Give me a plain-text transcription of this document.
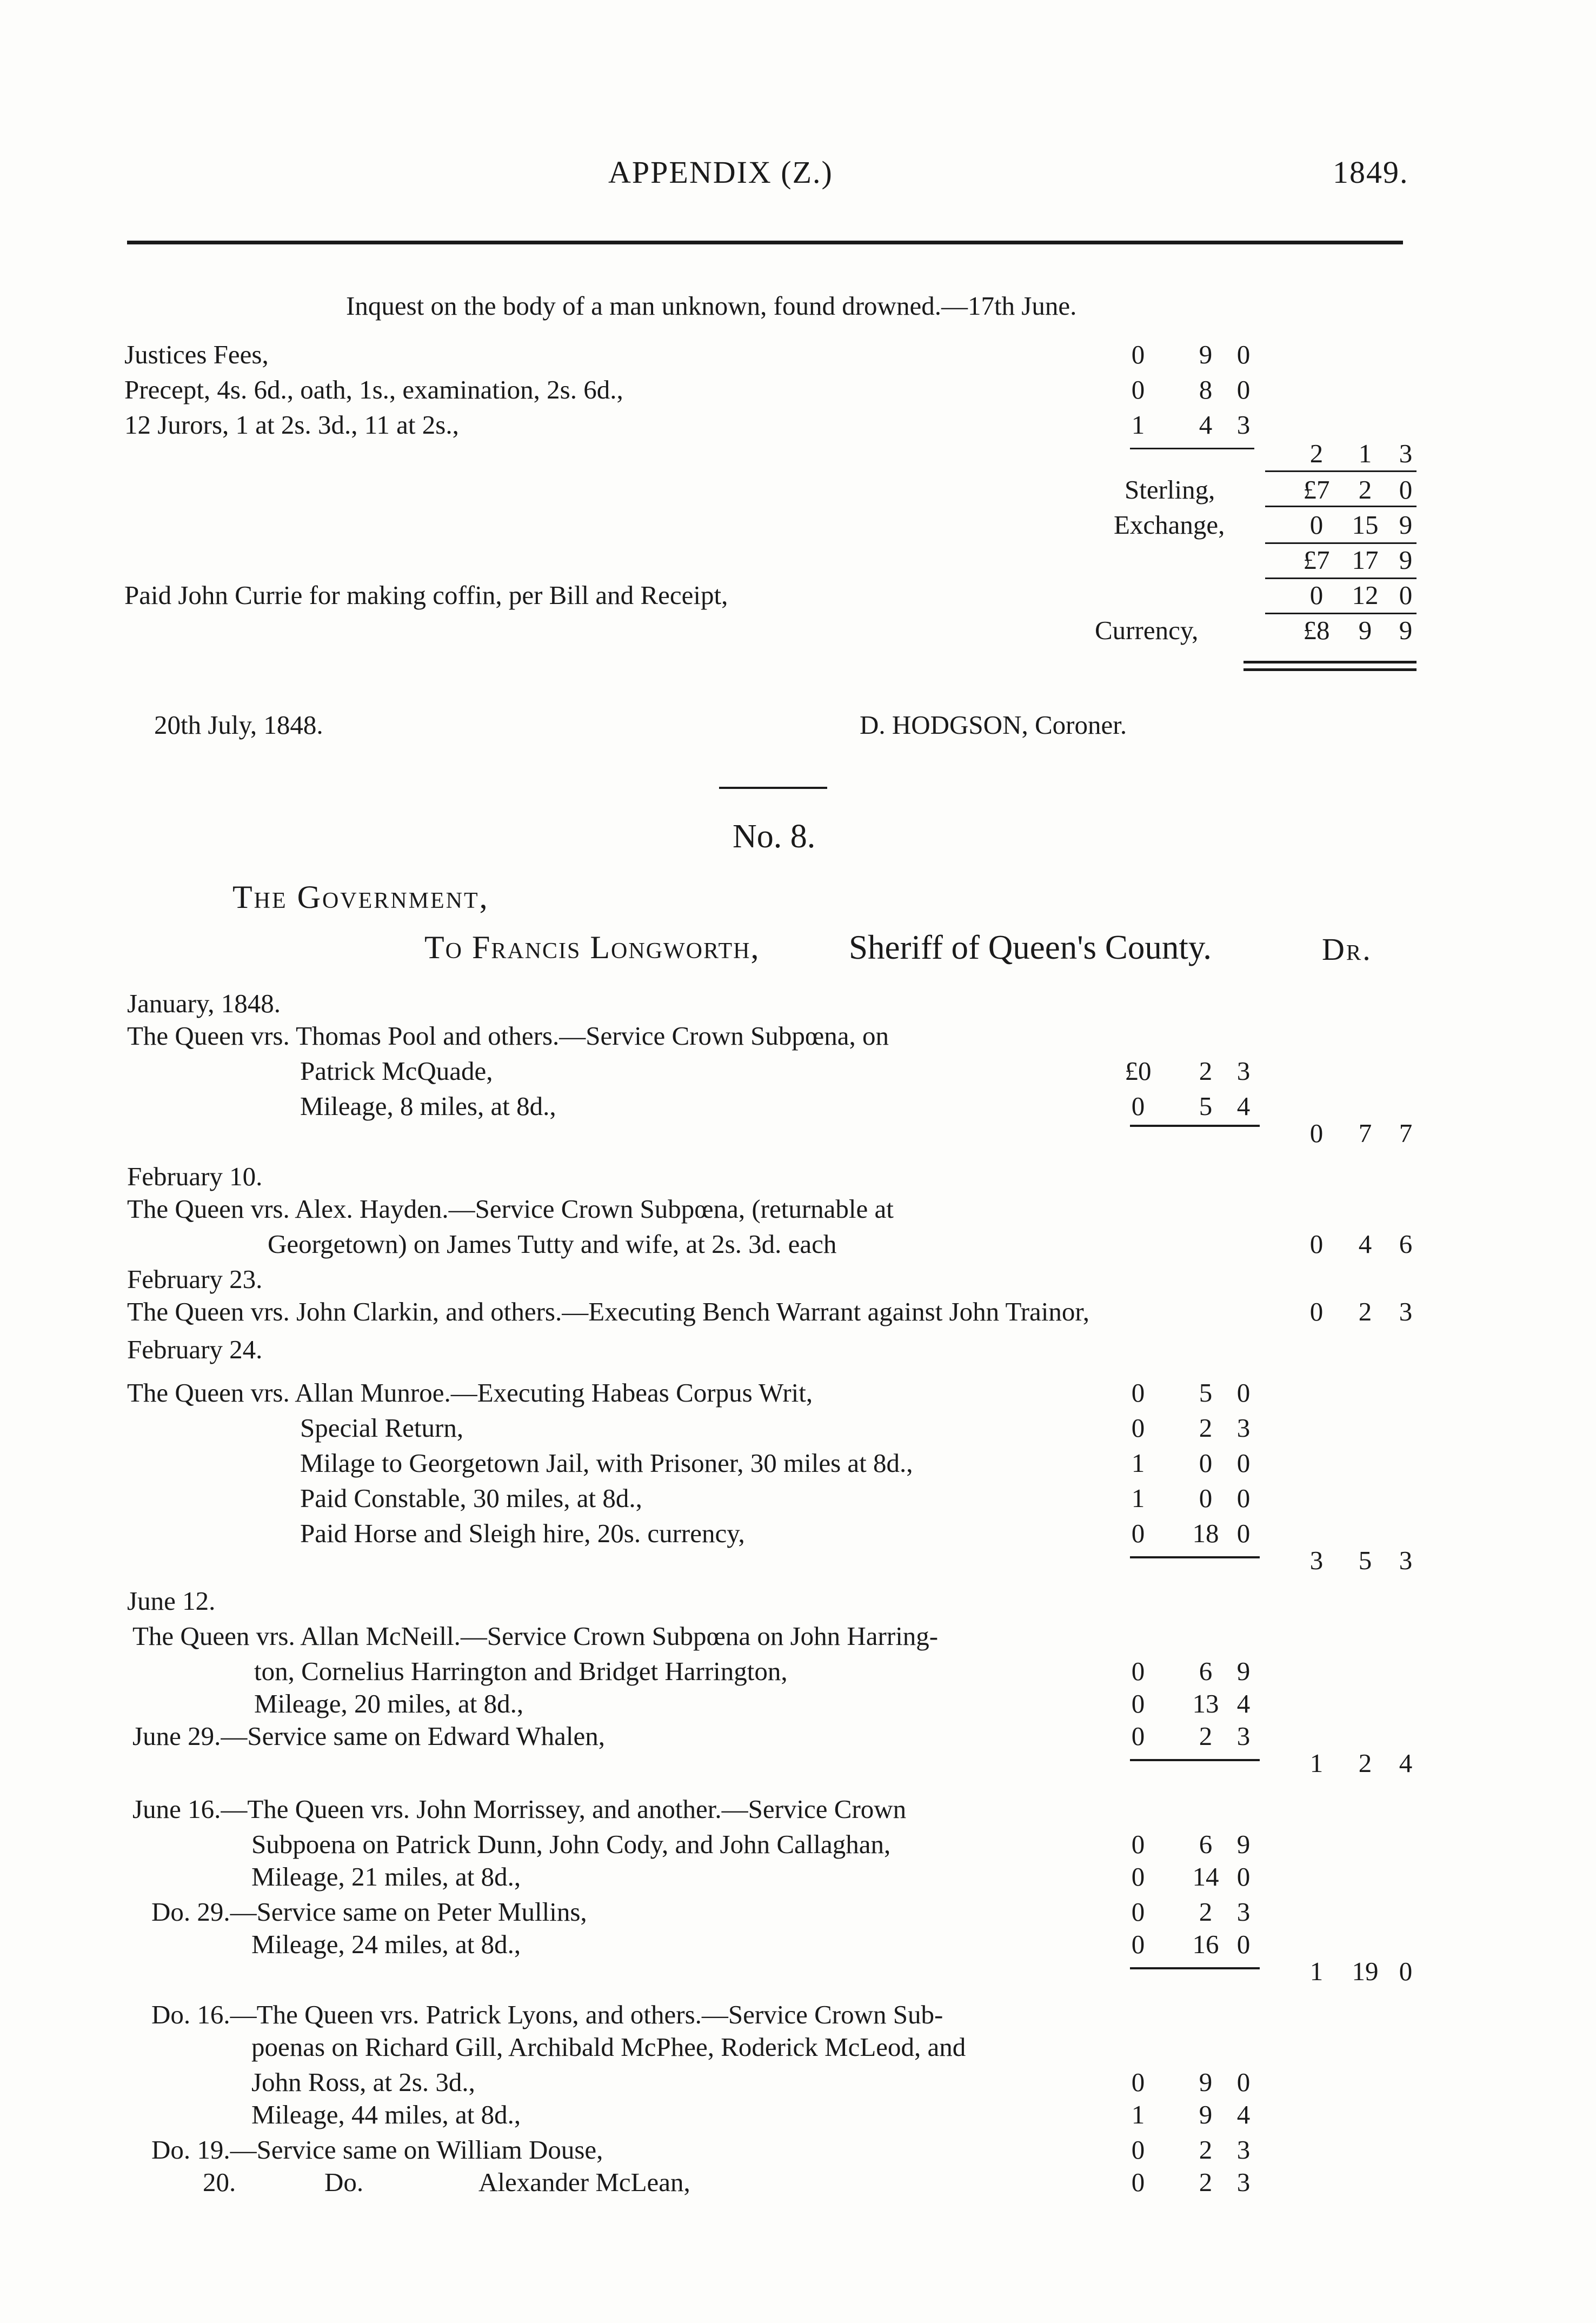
APPENDIX (Z.)	1849.
Inquest on the body of a man unknown, found drowned.—17th June.
Justices Fees,	0	9 0
Precept, 4s. 6d., oath, 1s., examination, 2s. 6d.,	0	8 0
12 Jurors, 1 at 2s. 3d., 11 at 2s.,	1	4 3
2	1	3
Sterling,	£7	2	0
Exchange,	0	15 9
£7 17 9
Paid John Currie for making coffin, per Bill and Receipt,	0	12 0
Currency,	£8	9	9
20th July, 1848.	D. HODGSON, Coroner.
No. 8.
The Government,
To Francis Longworth,	Sheriff of Queen's County.	Dr.
January, 1848.
The Queen vrs. Thomas Pool and others.—Service Crown Subpœna, on
Patrick McQuade,	£0	2 3
Mileage, 8 miles, at 8d.,	0	5 4
0	7	7
February 10.
The Queen vrs. Alex. Hayden.—Service Crown Subpœna, (returnable at
Georgetown) on James Tutty and wife, at 2s. 3d. each	0	4	6
February 23.
The Queen vrs. John Clarkin, and others.—Executing Bench Warrant against John Trainor,	0	2	3
February 24.
The Queen vrs. Allan Munroe.—Executing Habeas Corpus Writ,	0	5 0
Special Return,	0	2 3
Milage to Georgetown Jail, with Prisoner, 30 miles at 8d.,	1	0 0
Paid Constable, 30 miles, at 8d.,	1	0 0
Paid Horse and Sleigh hire, 20s. currency,	0	18 0
3	5	3
June 12.
The Queen vrs. Allan McNeill.—Service Crown Subpœna on John Harring-
ton, Cornelius Harrington and Bridget Harrington,	0	6 9
Mileage, 20 miles, at 8d.,	0	13 4
June 29.—Service same on Edward Whalen,	0	2 3
1	2	4
June 16.—The Queen vrs. John Morrissey, and another.—Service Crown
Subpoena on Patrick Dunn, John Cody, and John Callaghan,	0	6 9
Mileage, 21 miles, at 8d.,	0	14 0
Do. 29.—Service same on Peter Mullins,	0	2 3
Mileage, 24 miles, at 8d.,	0	16 0
1	19 0
Do. 16.—The Queen vrs. Patrick Lyons, and others.—Service Crown Sub-
poenas on Richard Gill, Archibald McPhee, Roderick McLeod, and
John Ross, at 2s. 3d.,	0	9 0
Mileage, 44 miles, at 8d.,	1	9 4
Do. 19.—Service same on William Douse,	0	2 3
20.	Do.	Alexander McLean,	0	2 3
